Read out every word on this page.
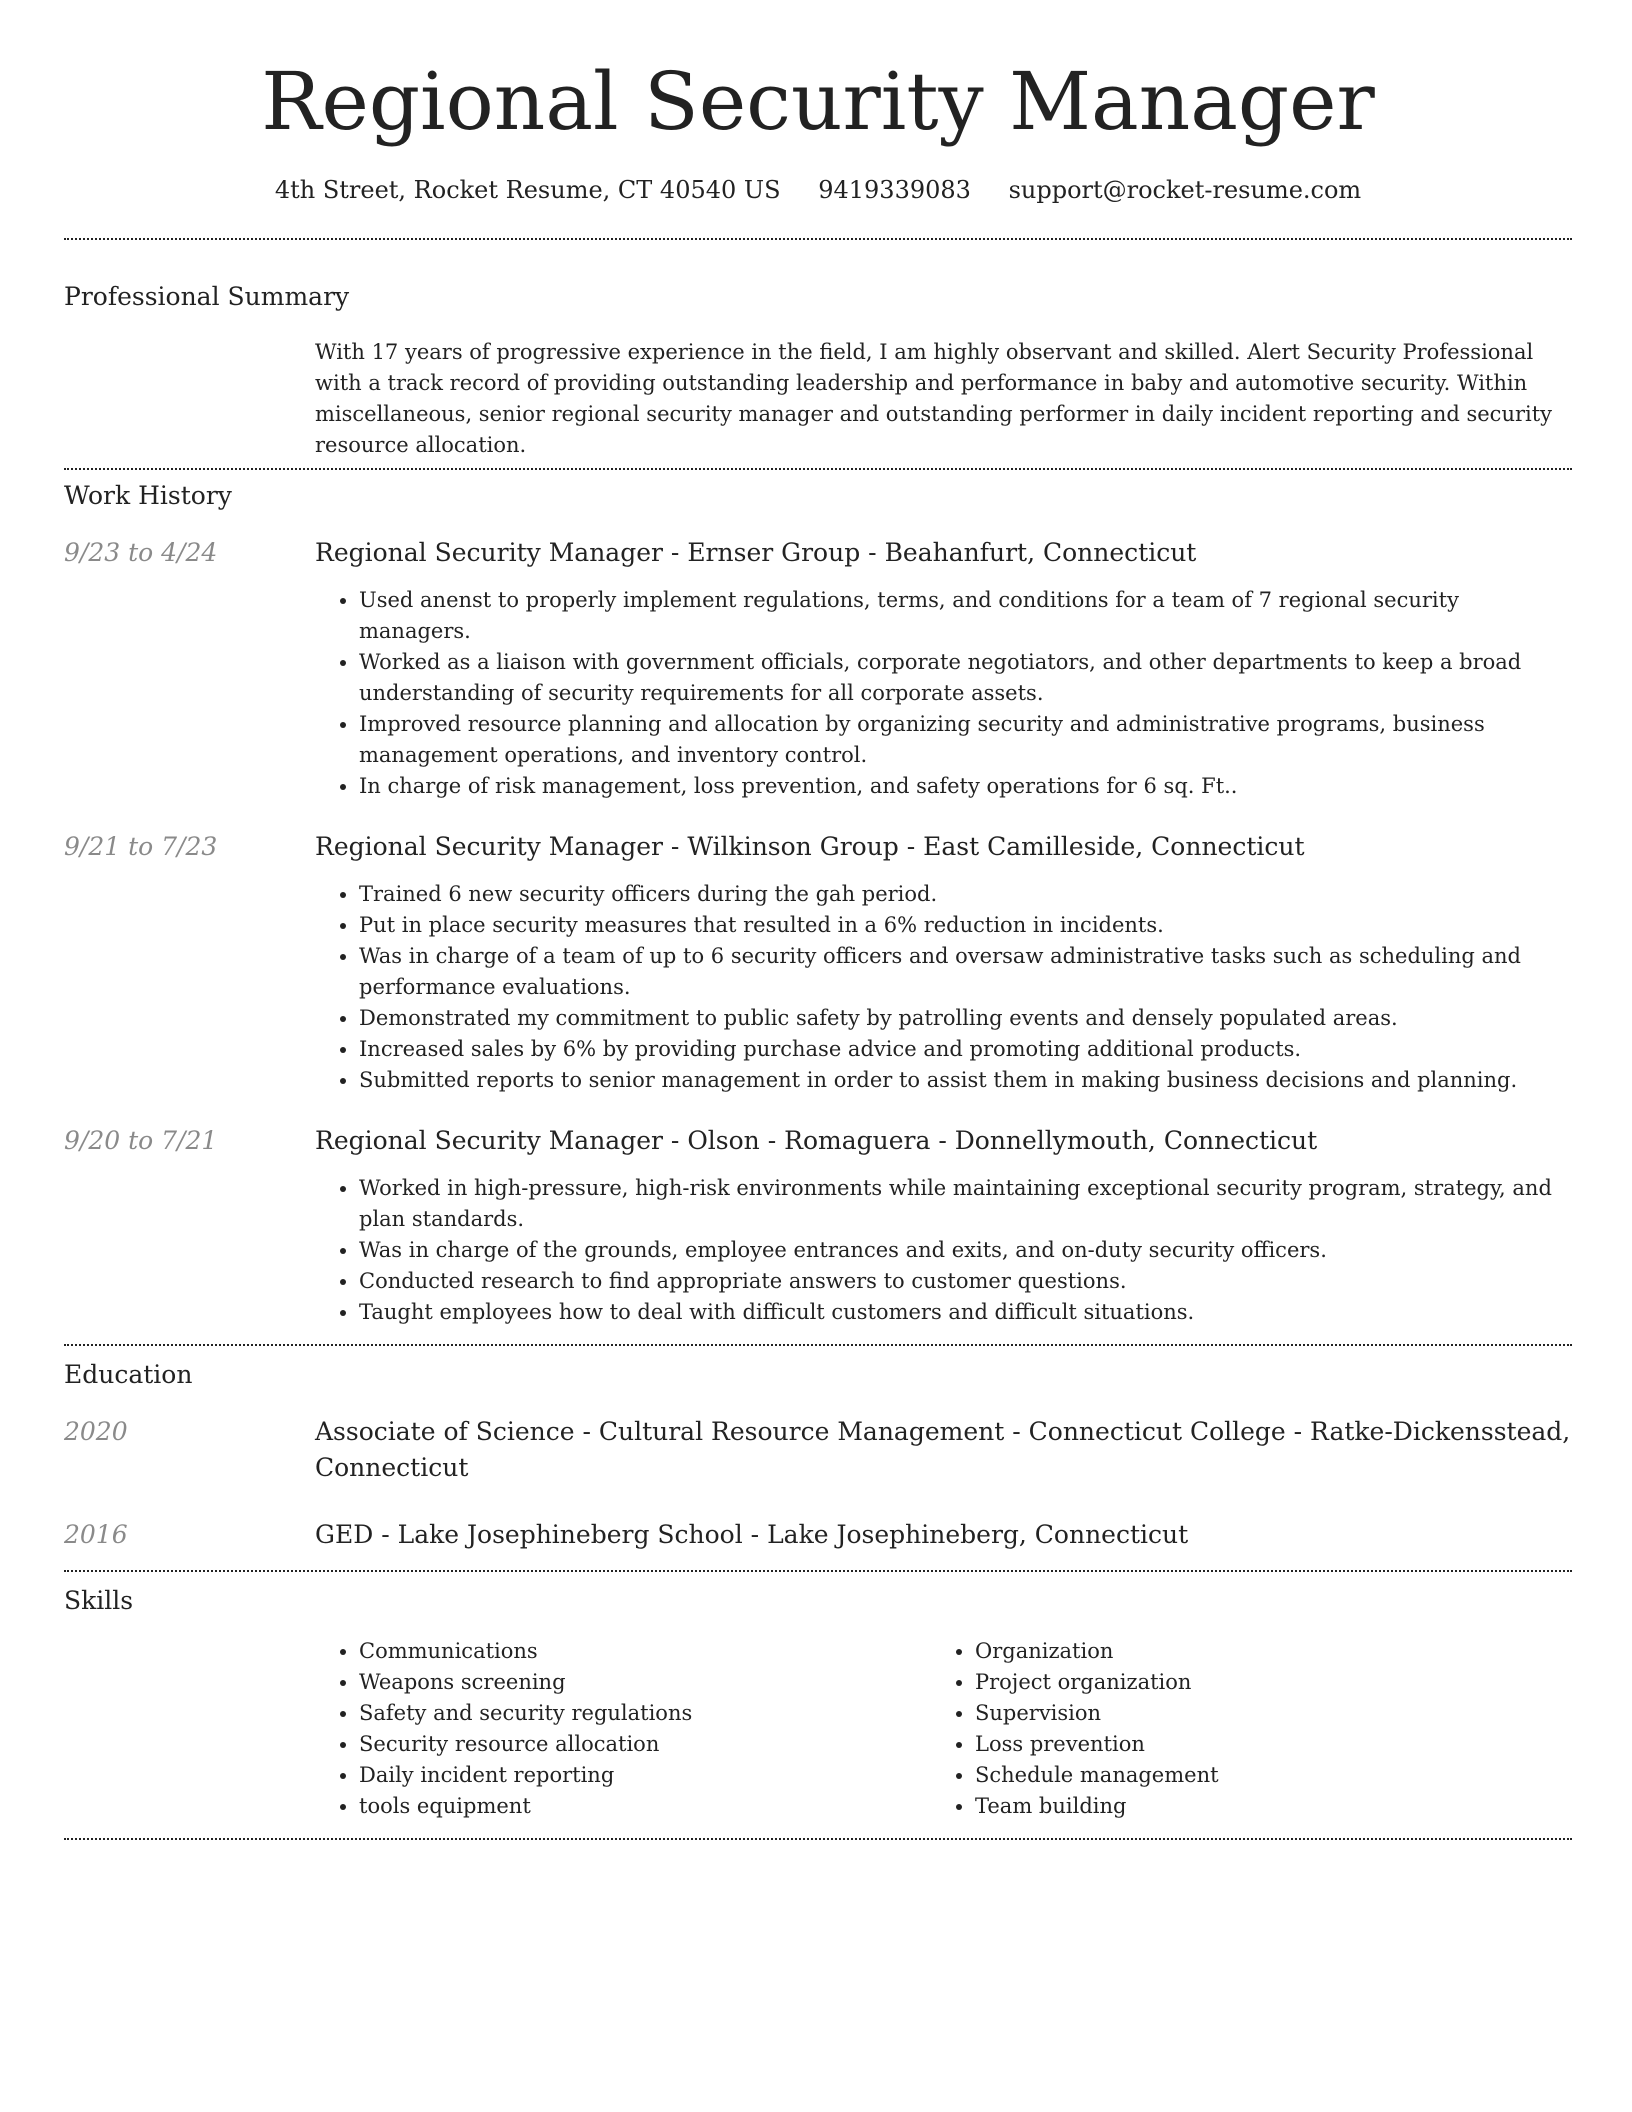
Regional Security Manager
4th Street, Rocket Resume, CT 40540 US 9419339083 support@rocket-resume.com
Professional Summary

With 17 years of progressive experience in the field, I am highly observant and skilled. Alert Security Professional with a track record of providing outstanding leadership and performance in baby and automotive security. Within miscellaneous, senior regional security manager and outstanding performer in daily incident reporting and security resource allocation.

Work History
9/23 to 4/24	Regional Security Manager - Ernser Group - Beahanfurt, Connecticut
• Used anenst to properly implement regulations, terms, and conditions for a team of 7 regional security managers.
• Worked as a liaison with government officials, corporate negotiators, and other departments to keep a broad understanding of security requirements for all corporate assets.
• Improved resource planning and allocation by organizing security and administrative programs, business management operations, and inventory control.
• In charge of risk management, loss prevention, and safety operations for 6 sq. Ft..
9/21 to 7/23	Regional Security Manager - Wilkinson Group - East Camilleside, Connecticut
• Trained 6 new security officers during the gah period.
• Put in place security measures that resulted in a 6% reduction in incidents.
• Was in charge of a team of up to 6 security officers and oversaw administrative tasks such as scheduling and performance evaluations.
• Demonstrated my commitment to public safety by patrolling events and densely populated areas.
• Increased sales by 6% by providing purchase advice and promoting additional products.
• Submitted reports to senior management in order to assist them in making business decisions and planning.
9/20 to 7/21	Regional Security Manager - Olson - Romaguera - Donnellymouth, Connecticut
• Worked in high-pressure, high-risk environments while maintaining exceptional security program, strategy, and plan standards.
• Was in charge of the grounds, employee entrances and exits, and on-duty security officers.
• Conducted research to find appropriate answers to customer questions.
• Taught employees how to deal with difficult customers and difficult situations.
Education
2020	Associate of Science - Cultural Resource Management - Connecticut College - Ratke-Dickensstead, Connecticut
2016	GED - Lake Josephineberg School - Lake Josephineberg, Connecticut
Skills
• Communications
• Weapons screening
• Safety and security regulations
• Security resource allocation
• Daily incident reporting
• tools equipment
• Organization
• Project organization
• Supervision
• Loss prevention
• Schedule management
• Team building
